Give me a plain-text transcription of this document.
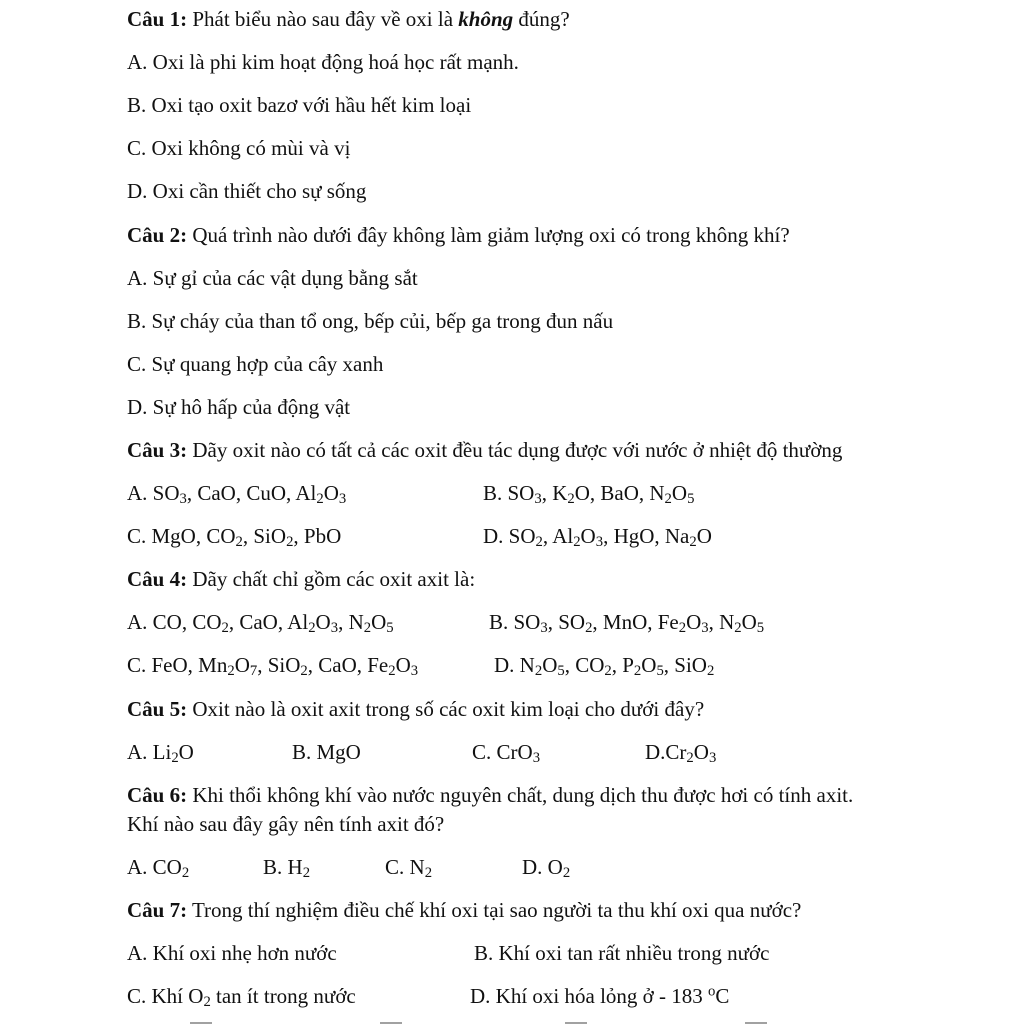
Câu 1: Phát biểu nào sau đây về oxi là không đúng?
A. Oxi là phi kim hoạt động hoá học rất mạnh.
B. Oxi tạo oxit bazơ với hầu hết kim loại
C. Oxi không có mùi và vị
D. Oxi cần thiết cho sự sống
Câu 2: Quá trình nào dưới đây không làm giảm lượng oxi có trong không khí?
A. Sự gỉ của các vật dụng bằng sắt
B. Sự cháy của than tổ ong, bếp củi, bếp ga trong đun nấu
C. Sự quang hợp của cây xanh
D. Sự hô hấp của động vật
Câu 3: Dãy oxit nào có tất cả các oxit đều tác dụng được với nước ở nhiệt độ thường
A. $SO_3$, CaO, CuO, $Al_2O_3$	B. $SO_3$, $K_2O$, BaO, $N_2O_5$
C. MgO, $CO_2$, SiO$_2$, PbO	D. $SO_2$, $Al_2O_3$, HgO, $Na_2O$
Câu 4: Dãy chất chỉ gồm các oxit axit là:
A. CO, $CO_2$, CaO, $Al_2O_3$, $N_2O_5$	B. $SO_3$, $SO_2$, MnO, $Fe_2O_3$, $N_2O_5$
C. FeO, $Mn_2O_7$, SiO$_2$, CaO, $Fe_2O_3$	D. $N_2O_5$, $CO_2$, $P_2O_5$, SiO$_2$
Câu 5: Oxit nào là oxit axit trong số các oxit kim loại cho dưới đây?
A. $Li_2O$	B. MgO	C. CrO$_3$	$D.Cr_2O_3$
Câu 6: Khi thổi không khí vào nước nguyên chất, dung dịch thu được hơi có tính axit.
Khí nào sau đây gây nên tính axit đó?
A. $CO_2$	B. $H_2$	C. $N_2$	D. $O_2$
Câu 7: Trong thí nghiệm điều chế khí oxi tại sao người ta thu khí oxi qua nước?
A. Khí oxi nhẹ hơn nước	B. Khí oxi tan rất nhiều trong nước
C. Khí $O_2$ tan ít trong nước	D. Khí oxi hóa lỏng ở - 183 $^o$C
